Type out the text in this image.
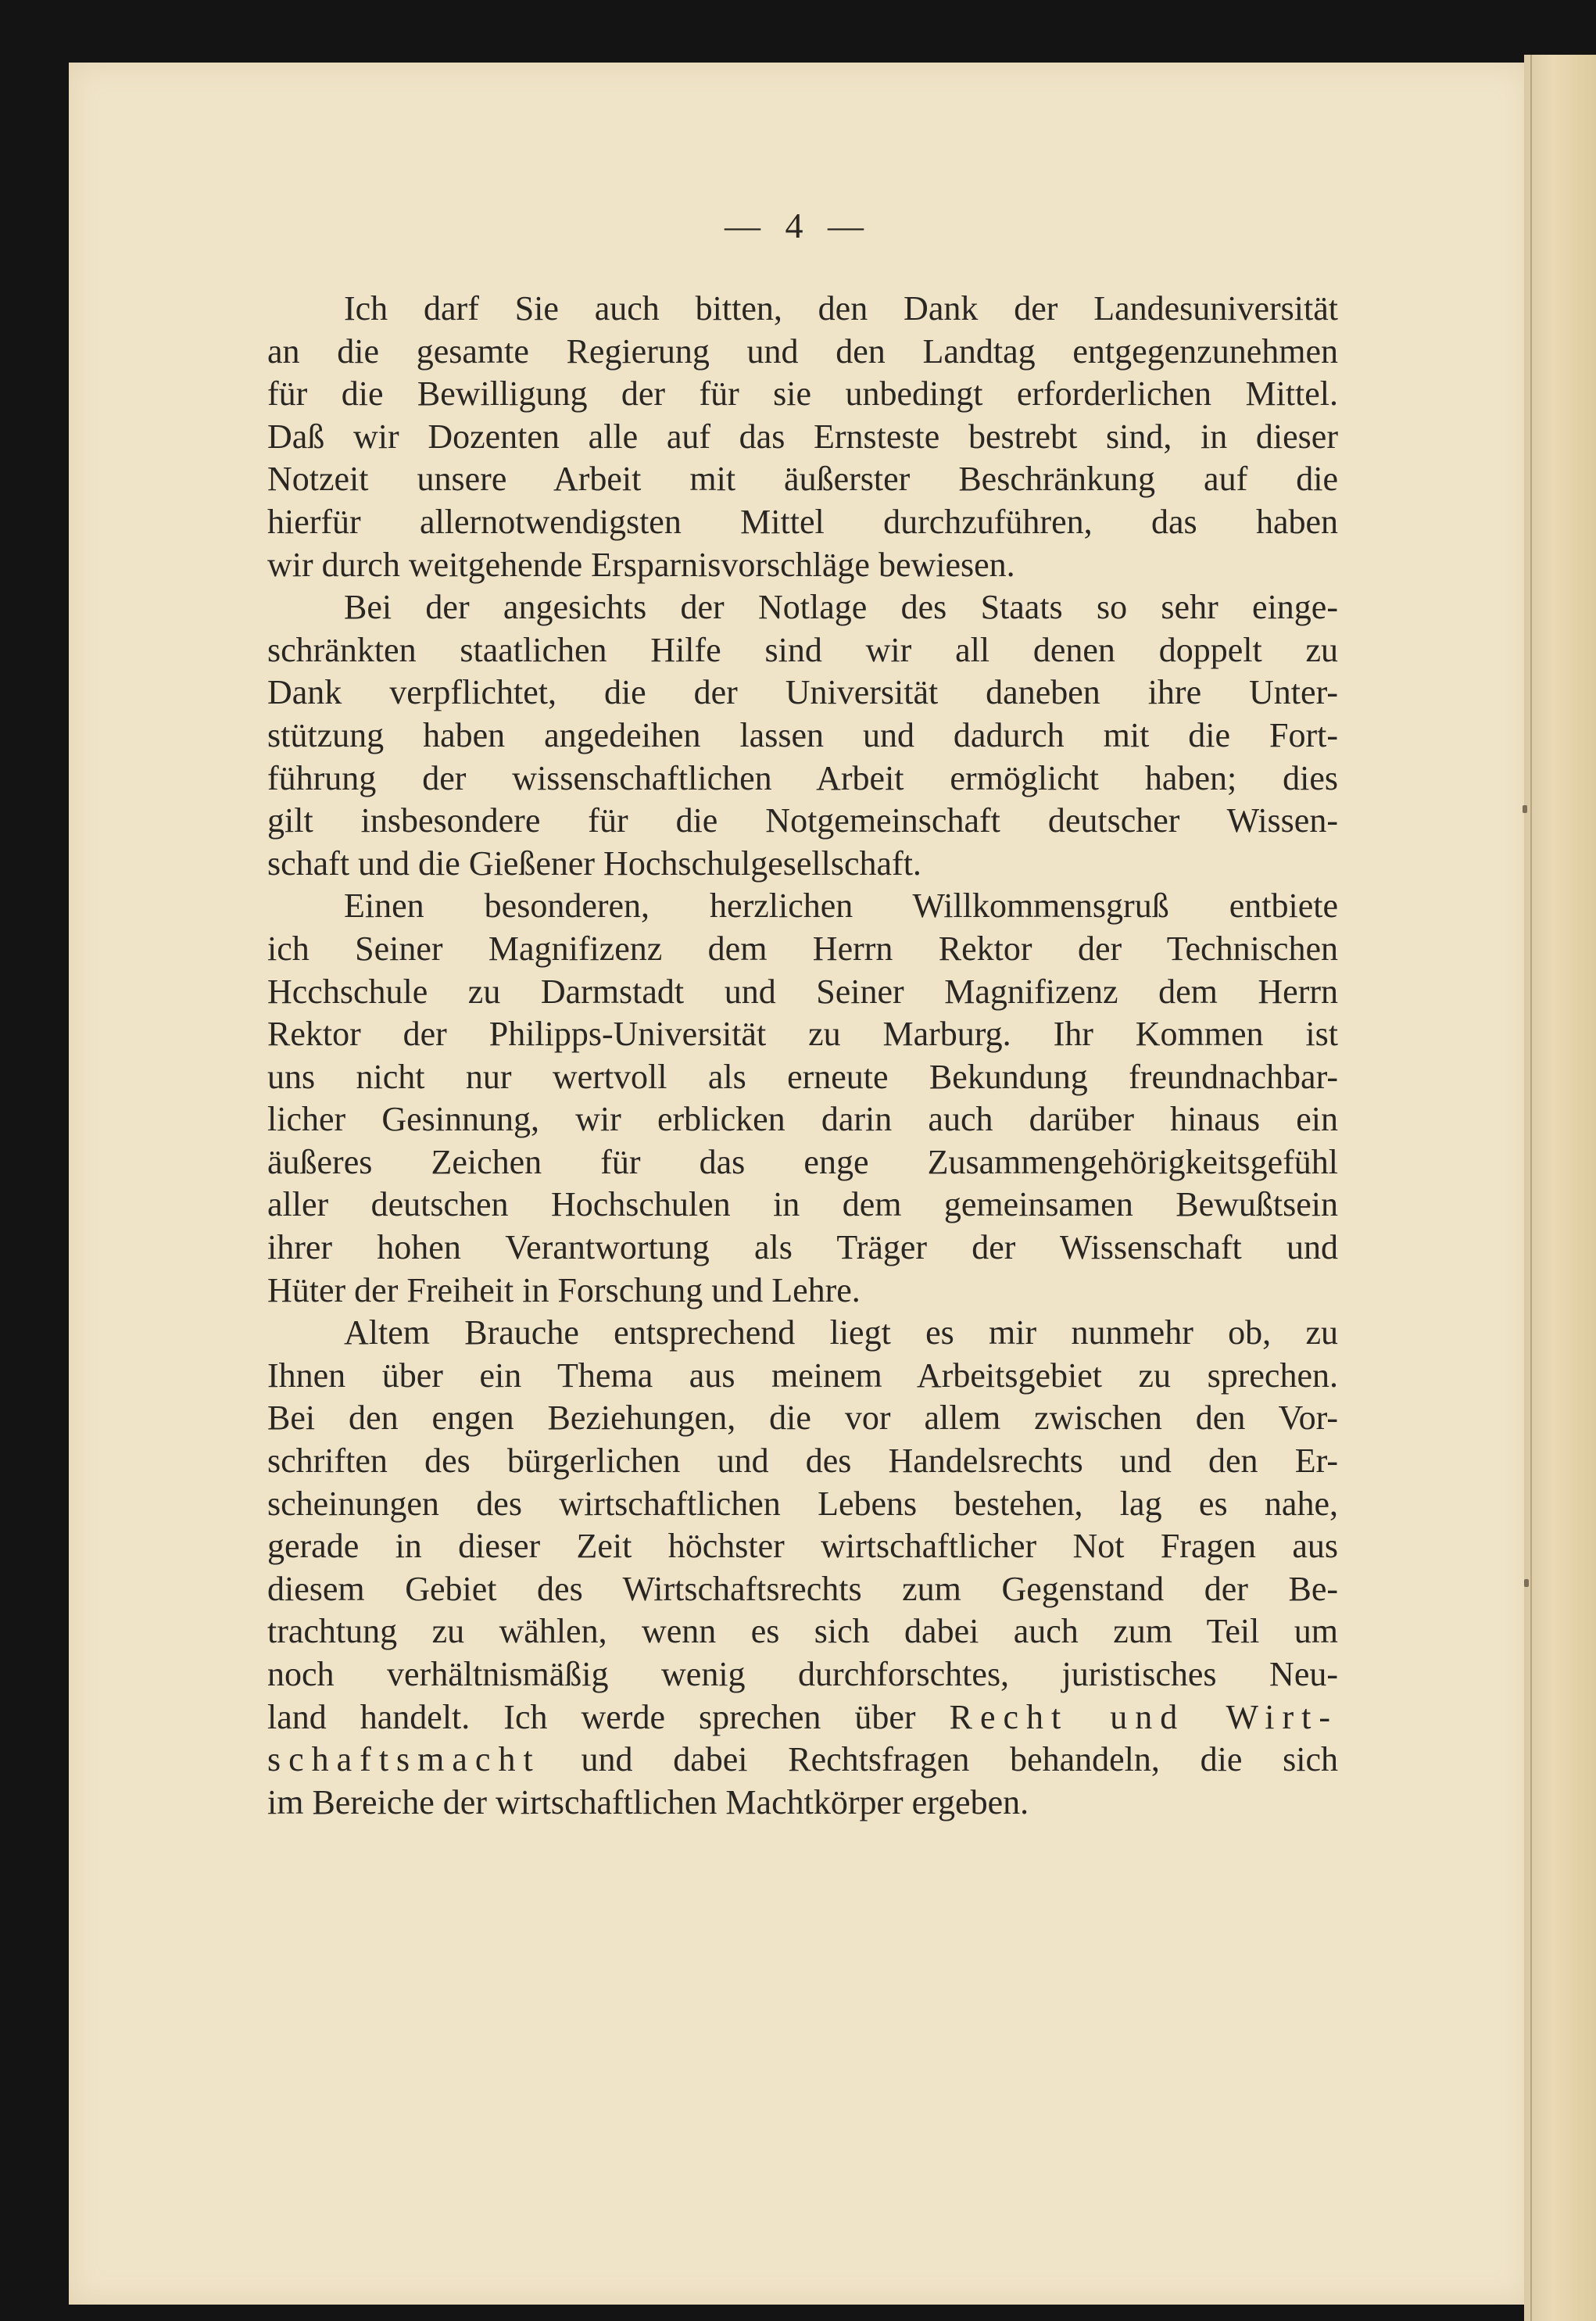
— 4 —

Ich darf Sie auch bitten, den Dank der Landesuniversität
an die gesamte Regierung und den Landtag entgegenzunehmen
für die Bewilligung der für sie unbedingt erforderlichen Mittel.
Daß wir Dozenten alle auf das Ernsteste bestrebt sind, in dieser
Notzeit unsere Arbeit mit äußerster Beschränkung auf die
hierfür allernotwendigsten Mittel durchzuführen, das haben
wir durch weitgehende Ersparnisvorschläge bewiesen.

Bei der angesichts der Notlage des Staats so sehr einge-
schränkten staatlichen Hilfe sind wir all denen doppelt zu
Dank verpflichtet, die der Universität daneben ihre Unter-
stützung haben angedeihen lassen und dadurch mit die Fort-
führung der wissenschaftlichen Arbeit ermöglicht haben; dies
gilt insbesondere für die Notgemeinschaft deutscher Wissen-
schaft und die Gießener Hochschulgesellschaft.

Einen besonderen, herzlichen Willkommensgruß entbiete
ich Seiner Magnifizenz dem Herrn Rektor der Technischen
Hcchschule zu Darmstadt und Seiner Magnifizenz dem Herrn
Rektor der Philipps-Universität zu Marburg. Ihr Kommen ist
uns nicht nur wertvoll als erneute Bekundung freundnachbar-
licher Gesinnung, wir erblicken darin auch darüber hinaus ein
äußeres Zeichen für das enge Zusammengehörigkeitsgefühl
aller deutschen Hochschulen in dem gemeinsamen Bewußtsein
ihrer hohen Verantwortung als Träger der Wissenschaft und
Hüter der Freiheit in Forschung und Lehre.

Altem Brauche entsprechend liegt es mir nunmehr ob, zu
Ihnen über ein Thema aus meinem Arbeitsgebiet zu sprechen.
Bei den engen Beziehungen, die vor allem zwischen den Vor-
schriften des bürgerlichen und des Handelsrechts und den Er-
scheinungen des wirtschaftlichen Lebens bestehen, lag es nahe,
gerade in dieser Zeit höchster wirtschaftlicher Not Fragen aus
diesem Gebiet des Wirtschaftsrechts zum Gegenstand der Be-
trachtung zu wählen, wenn es sich dabei auch zum Teil um
noch verhältnismäßig wenig durchforschtes, juristisches Neu-
land handelt. Ich werde sprechen über Recht und Wirt-
schaftsmacht und dabei Rechtsfragen behandeln, die sich
im Bereiche der wirtschaftlichen Machtkörper ergeben.
